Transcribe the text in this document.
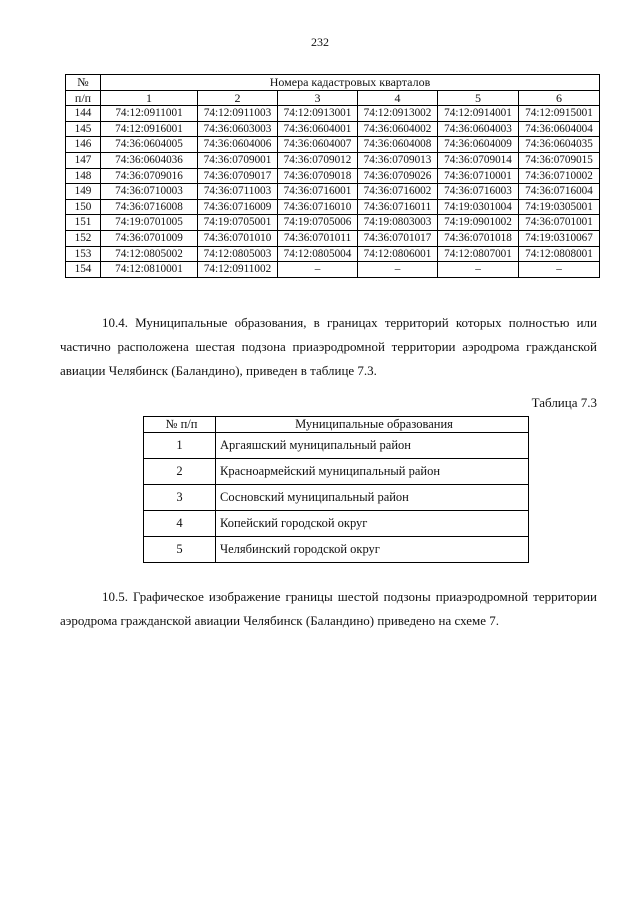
232
№	Номера кадастровых кварталов					
п/п	1	2	3	4	5	6
144	74:12:0911001	74:12:0911003	74:12:0913001	74:12:0913002	74:12:0914001	74:12:0915001
145	74:12:0916001	74:36:0603003	74:36:0604001	74:36:0604002	74:36:0604003	74:36:0604004
146	74:36:0604005	74:36:0604006	74:36:0604007	74:36:0604008	74:36:0604009	74:36:0604035
147	74:36:0604036	74:36:0709001	74:36:0709012	74:36:0709013	74:36:0709014	74:36:0709015
148	74:36:0709016	74:36:0709017	74:36:0709018	74:36:0709026	74:36:0710001	74:36:0710002
149	74:36:0710003	74:36:0711003	74:36:0716001	74:36:0716002	74:36:0716003	74:36:0716004
150	74:36:0716008	74:36:0716009	74:36:0716010	74:36:0716011	74:19:0301004	74:19:0305001
151	74:19:0701005	74:19:0705001	74:19:0705006	74:19:0803003	74:19:0901002	74:36:0701001
152	74:36:0701009	74:36:0701010	74:36:0701011	74:36:0701017	74:36:0701018	74:19:0310067
153	74:12:0805002	74:12:0805003	74:12:0805004	74:12:0806001	74:12:0807001	74:12:0808001
154	74:12:0810001	74:12:0911002	–	–	–	–

10.4. Муниципальные образования, в границах территорий которых полностью или частично расположена шестая подзона приаэродромной территории аэродрома гражданской авиации Челябинск (Баландино), приведен в таблице 7.3.

Таблица 7.3
№ п/п	Муниципальные образования
1	Аргаяшский муниципальный район
2	Красноармейский муниципальный район
3	Сосновский муниципальный район
4	Копейский городской округ
5	Челябинский городской округ

10.5. Графическое изображение границы шестой подзоны приаэродромной территории аэродрома гражданской авиации Челябинск (Баландино) приведено на схеме 7.
